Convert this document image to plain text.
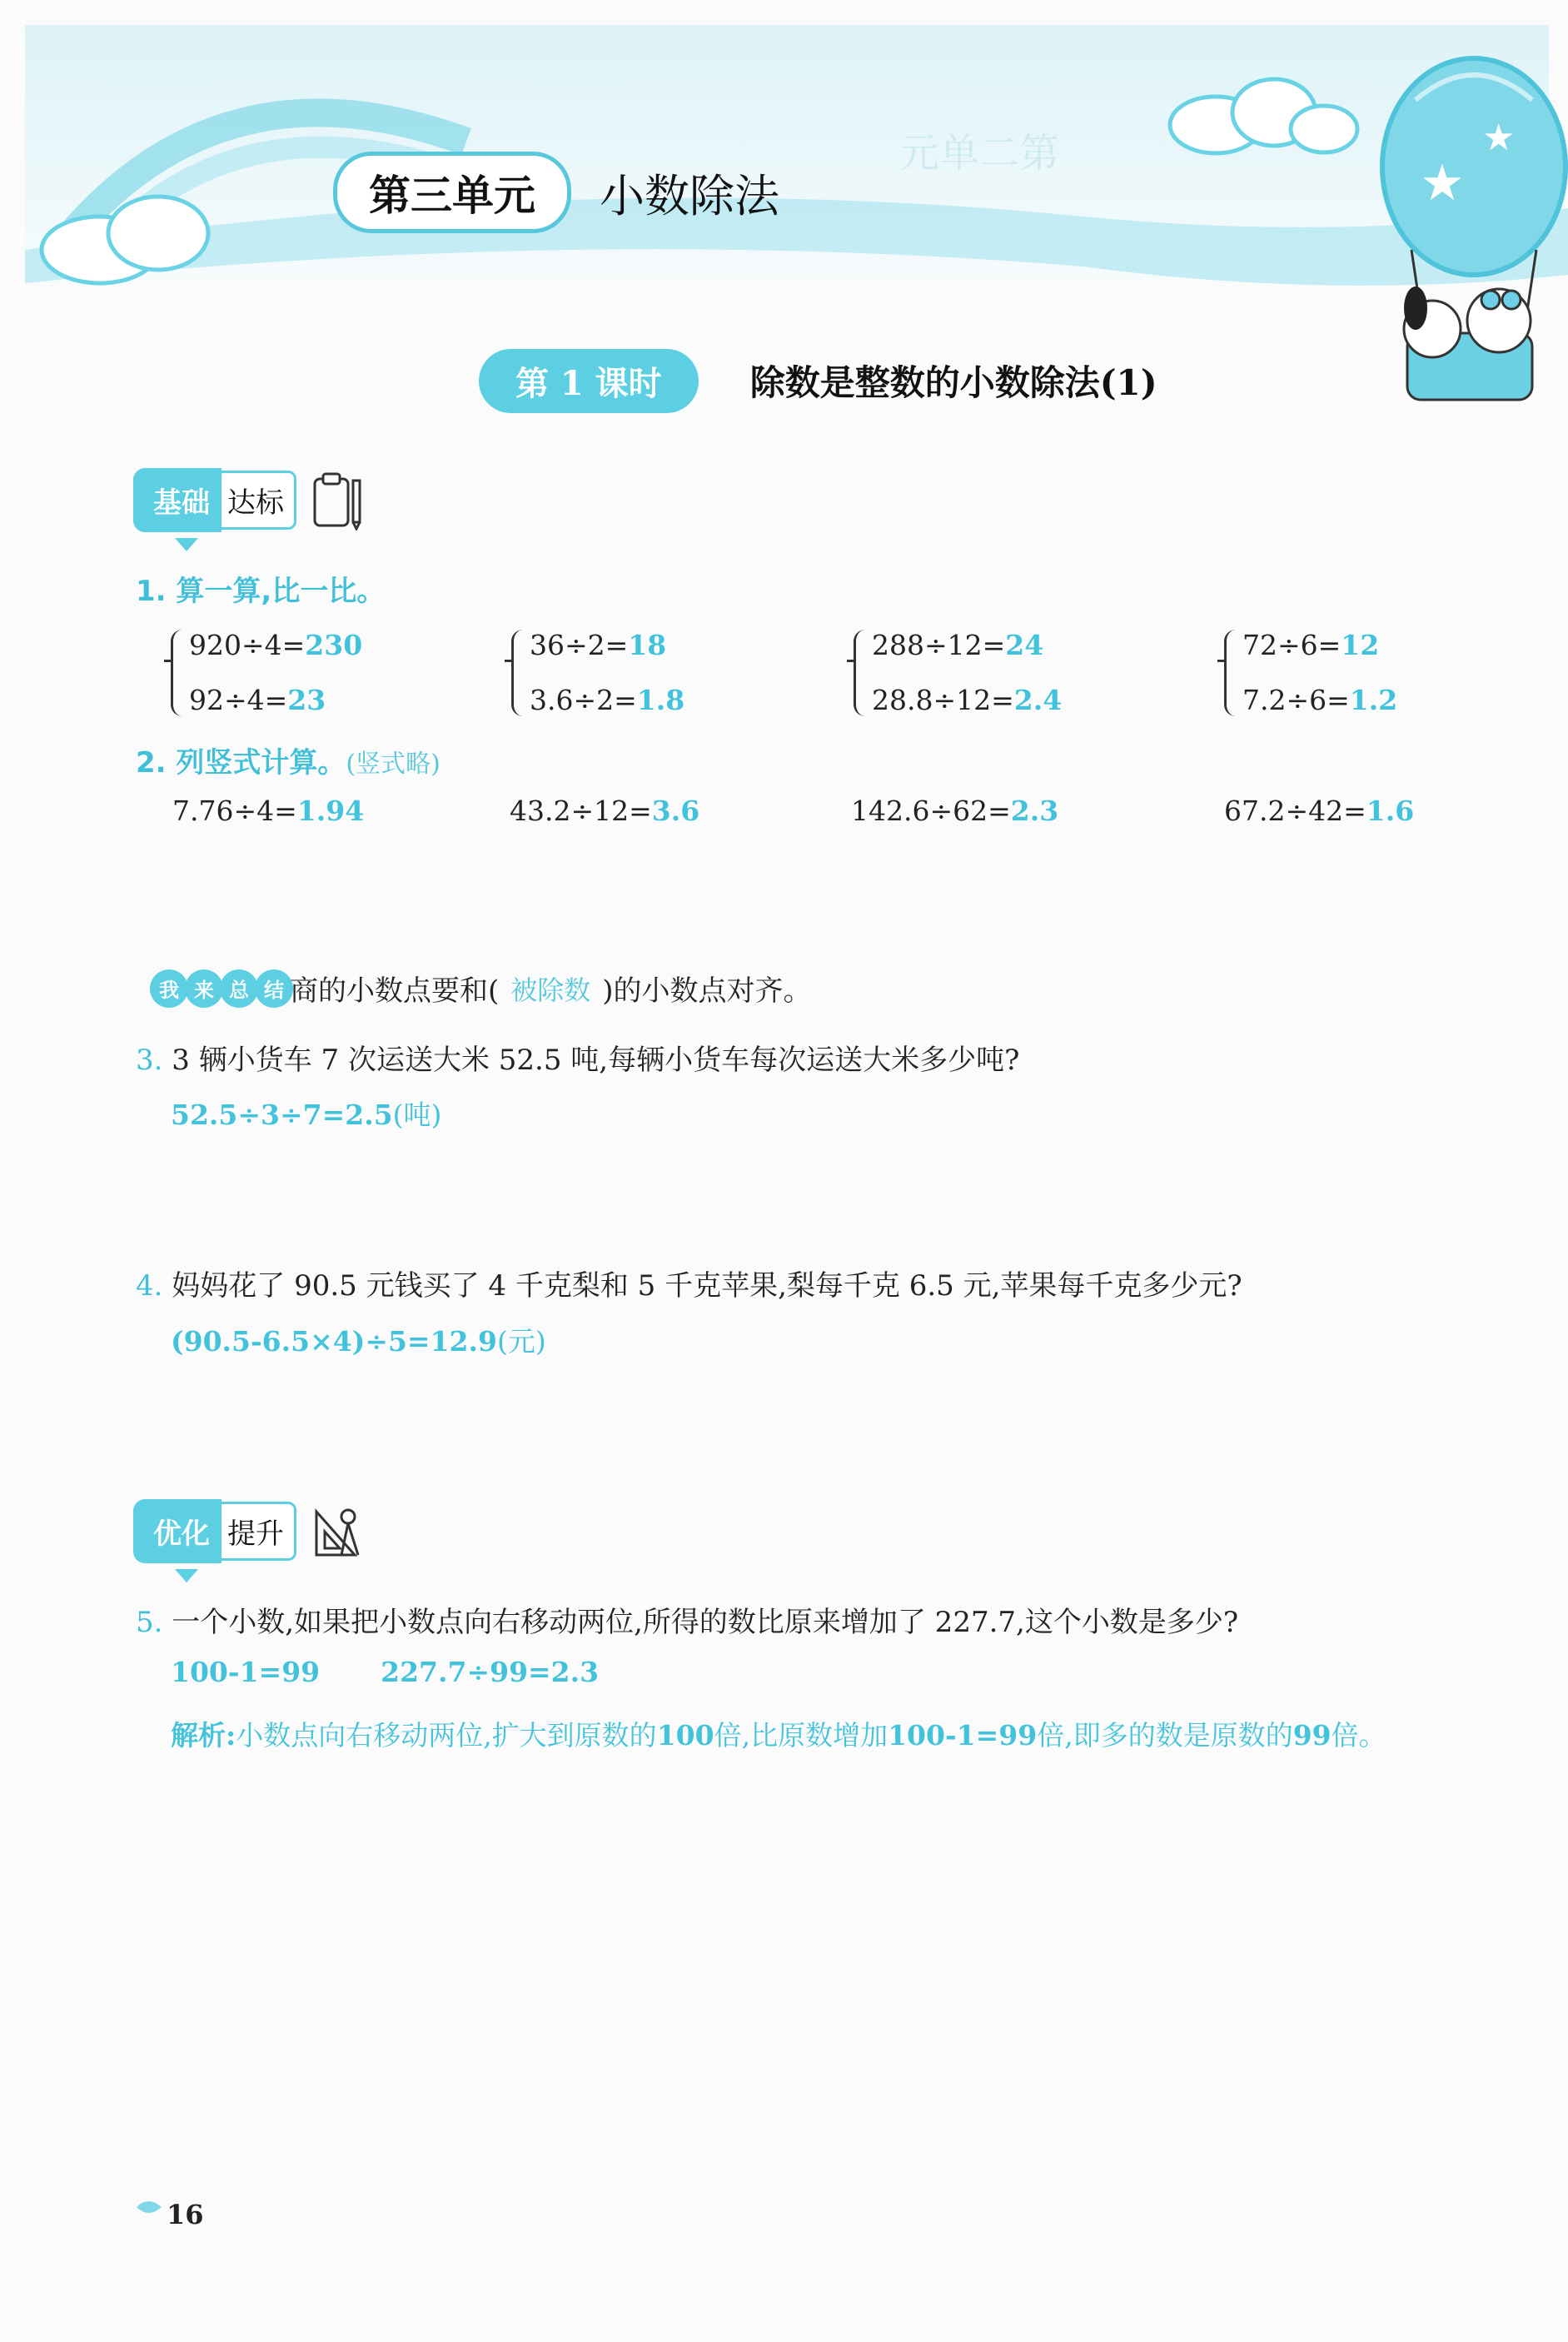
元单二第
★
★
第三单元	小数除法
第 1 课时	除数是整数的小数除法(1)
基础 达标
1. 算一算,比一比。
920÷4=230
92÷4=23
36÷2=18
3.6÷2=1.8
288÷12=24
28.8÷12=2.4
72÷6=12
7.2÷6=1.2
2. 列竖式计算。(竖式略)
7.76÷4=1.94	43.2÷12=3.6	142.6÷62=2.3	67.2÷42=1.6
我 来 总 结 商的小数点要和( 被除数 )的小数点对齐。
3. 3 辆小货车 7 次运送大米 52.5 吨,每辆小货车每次运送大米多少吨?
52.5÷3÷7=2.5(吨)
4. 妈妈花了 90.5 元钱买了 4 千克梨和 5 千克苹果,梨每千克 6.5 元,苹果每千克多少元?
(90.5-6.5×4)÷5=12.9(元)
优化 提升
5. 一个小数,如果把小数点向右移动两位,所得的数比原来增加了 227.7,这个小数是多少?
100-1=99 227.7÷99=2.3
解析:小数点向右移动两位,扩大到原数的100倍,比原数增加100-1=99倍,即多的数是原数的99倍。
16
